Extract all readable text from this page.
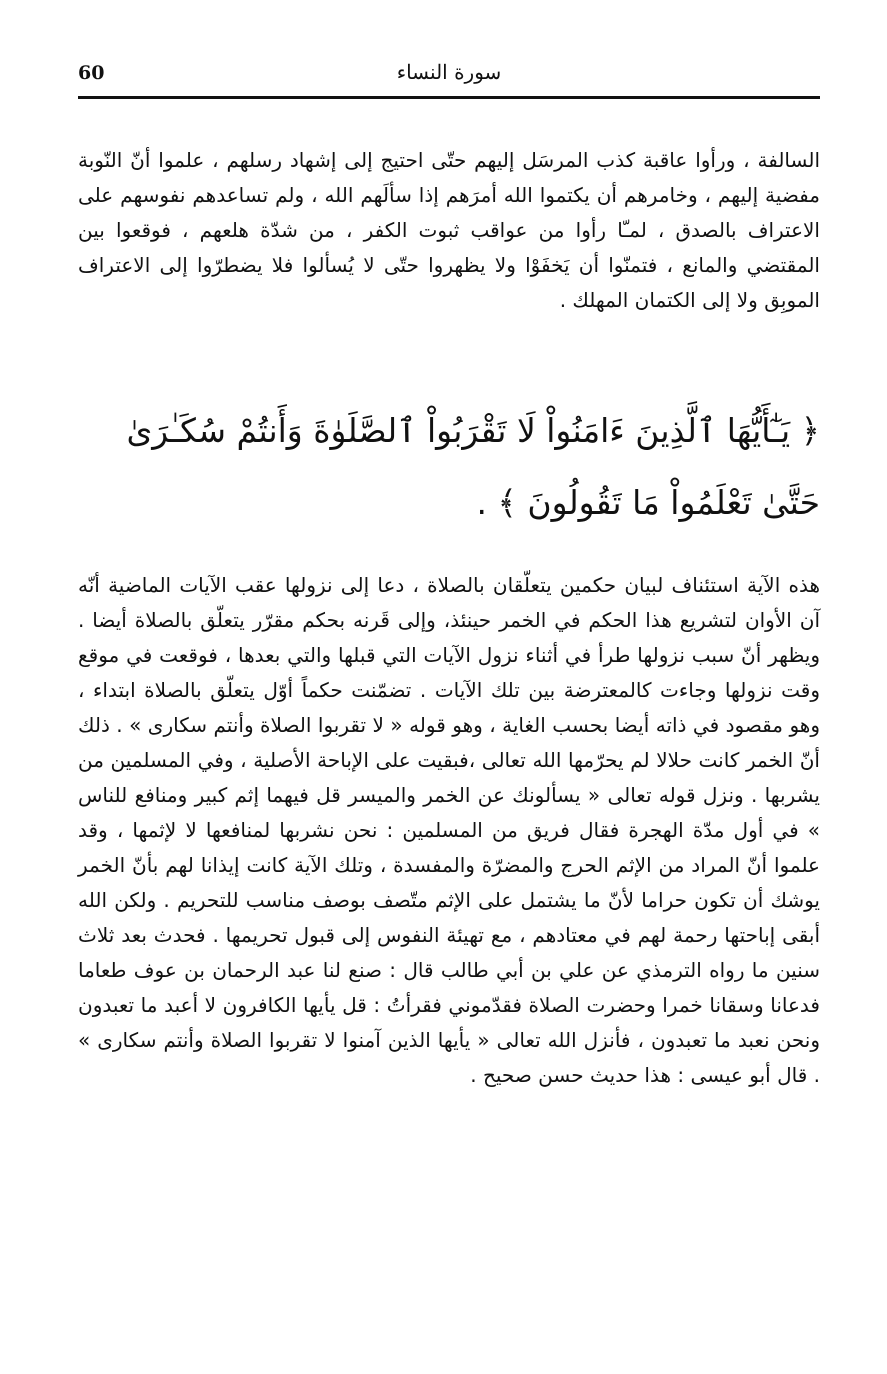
60	سورة النساء

السالفة ، ورأوا عاقبة كذب المرسَل إليهم حتّى احتيج إلى إشهاد رسلهم ، علموا أنّ النّوبة مفضية إليهم ، وخامرهم أن يكتموا الله أمرَهم إذا سألَهم الله ، ولم تساعدهم نفوسهم على الاعتراف بالصدق ، لمـّا رأوا من عواقب ثبوت الكفر ، من شدّة هلعهم ، فوقعوا بين المقتضي والمانع ، فتمنّوا أن يَخفَوْا ولا يظهروا حتّى لا يُسألوا فلا يضطرّوا إلى الاعتراف الموبِق ولا إلى الكتمان المهلك .

﴿ يَـٰٓأَيُّهَا ٱلَّذِينَ ءَامَنُواْ لَا تَقْرَبُواْ ٱلصَّلَوٰةَ وَأَنتُمْ سُكَـٰرَىٰ حَتَّىٰ تَعْلَمُواْ مَا تَقُولُونَ ﴾ .

هذه الآية استئناف لبيان حكمين يتعلّقان بالصلاة ، دعا إلى نزولها عقب الآيات الماضية أنّه آن الأوان لتشريع هذا الحكم في الخمر حينئذ، وإلى قَرنه بحكم مقرّر يتعلّق بالصلاة أيضا . ويظهر أنّ سبب نزولها طرأ في أثناء نزول الآيات التي قبلها والتي بعدها ، فوقعت في موقع وقت نزولها وجاءت كالمعترضة بين تلك الآيات . تضمّنت حكماً أوّل يتعلّق بالصلاة ابتداء ، وهو مقصود في ذاته أيضا بحسب الغاية ، وهو قوله « لا تقربوا الصلاة وأنتم سكارى » . ذلك أنّ الخمر كانت حلالا لم يحرّمها الله تعالى ،فبقيت على الإباحة الأصلية ، وفي المسلمين من يشربها . ونزل قوله تعالى « يسألونك عن الخمر والميسر قل فيهما إثم كبير ومنافع للناس » في أول مدّة الهجرة فقال فريق من المسلمين : نحن نشربها لمنافعها لا لإثمها ، وقد علموا أنّ المراد من الإثم الحرج والمضرّة والمفسدة ، وتلك الآية كانت إيذانا لهم بأنّ الخمر يوشك أن تكون حراما لأنّ ما يشتمل على الإثم متّصف بوصف مناسب للتحريم . ولكن الله أبقى إباحتها رحمة لهم في معتادهم ، مع تهيئة النفوس إلى قبول تحريمها . فحدث بعد ثلاث سنين ما رواه الترمذي عن علي بن أبي طالب قال : صنع لنا عبد الرحمان بن عوف طعاما فدعانا وسقانا خمرا وحضرت الصلاة فقدّموني فقرأتُ : قل يأيها الكافرون لا أعبد ما تعبدون ونحن نعبد ما تعبدون ، فأنزل الله تعالى « يأيها الذين آمنوا لا تقربوا الصلاة وأنتم سكارى » . قال أبو عيسى : هذا حديث حسن صحيح .
